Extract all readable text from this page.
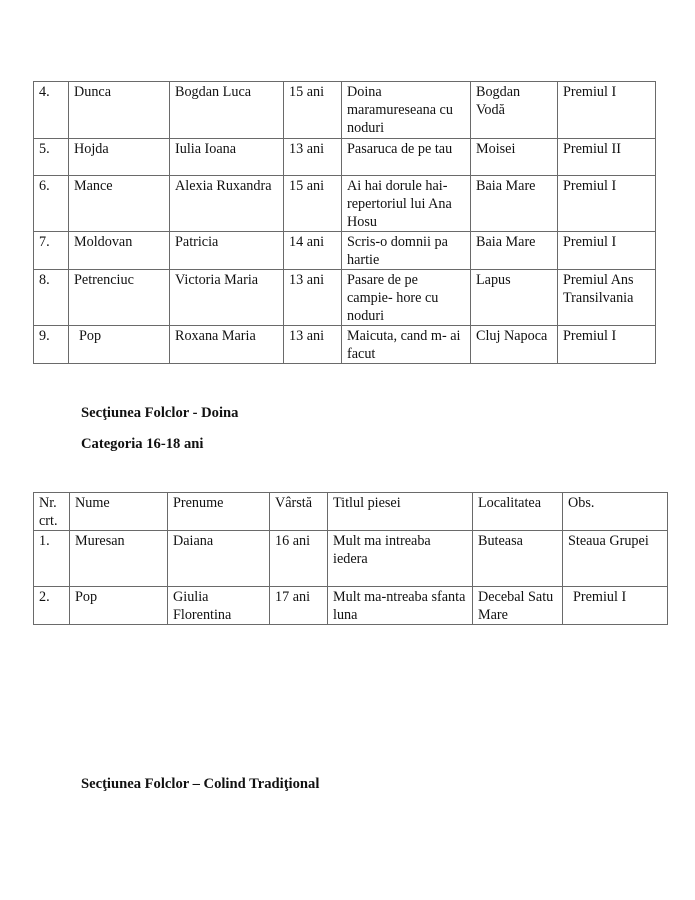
4.	Dunca	Bogdan Luca	15 ani	Doina maramureseana cu noduri	Bogdan Vodă	Premiul I
5.	Hojda	Iulia Ioana	13 ani	Pasaruca de pe tau	Moisei	Premiul II
6.	Mance	Alexia Ruxandra	15 ani	Ai hai dorule hai- repertoriul lui Ana Hosu	Baia Mare	Premiul I
7.	Moldovan	Patricia	14 ani	Scris-o domnii pa hartie	Baia Mare	Premiul I
8.	Petrenciuc	Victoria Maria	13 ani	Pasare de pe campie- hore cu noduri	Lapus	Premiul Ans Transilvania
9.	Pop	Roxana Maria	13 ani	Maicuta, cand m- ai facut	Cluj Napoca	Premiul I
Secţiunea Folclor - Doina
Categoria 16-18 ani
Nr. crt.	Nume	Prenume	Vârstă	Titlul piesei	Localitatea	Obs.
1.	Muresan	Daiana	16 ani	Mult ma intreaba iedera	Buteasa	Steaua Grupei
2.	Pop	Giulia Florentina	17 ani	Mult ma-ntreaba sfanta luna	Decebal Satu Mare	Premiul I
Secţiunea Folclor – Colind Tradiţional
